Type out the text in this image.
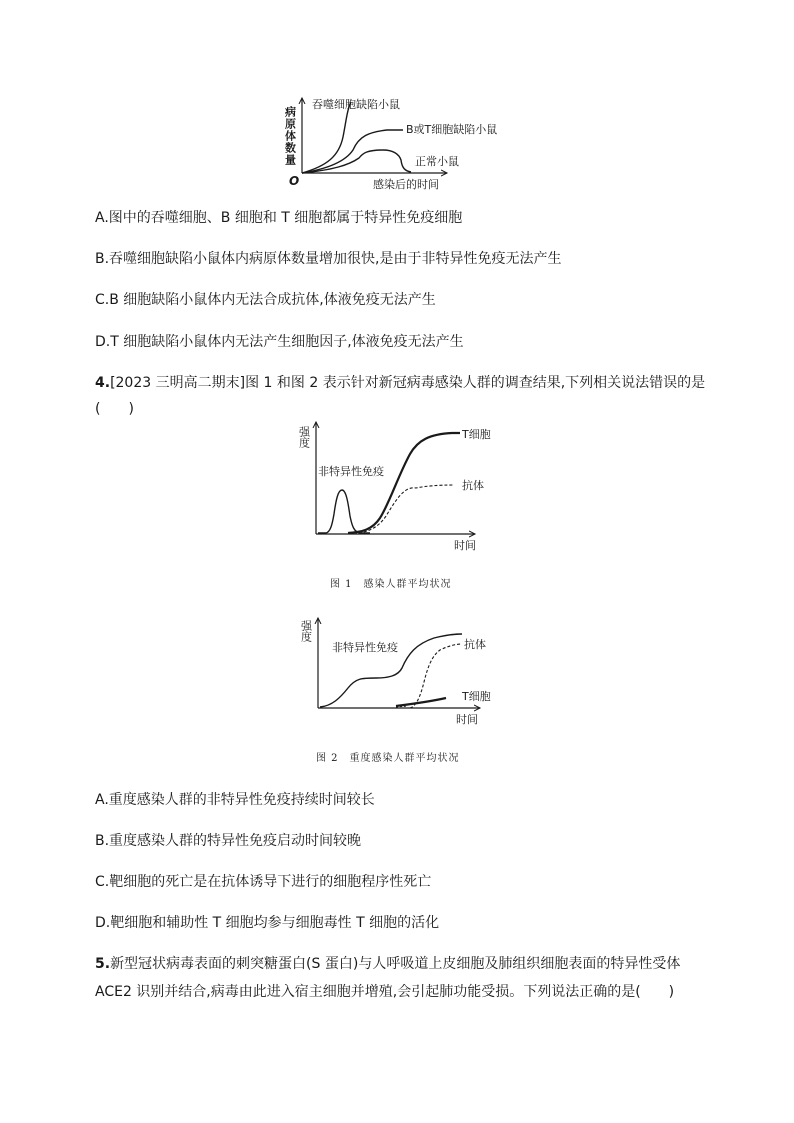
病原体数量
O	感染后的时间
吞噬细胞缺陷小鼠
B或T细胞缺陷小鼠
正常小鼠

A.图中的吞噬细胞、B 细胞和 T 细胞都属于特异性免疫细胞

B.吞噬细胞缺陷小鼠体内病原体数量增加很快,是由于非特异性免疫无法产生

C.B 细胞缺陷小鼠体内无法合成抗体,体液免疫无法产生

D.T 细胞缺陷小鼠体内无法产生细胞因子,体液免疫无法产生

4.[2023 三明高二期末]图 1 和图 2 表示针对新冠病毒感染人群的调查结果,下列相关说法错误的是

(　　)

强度
时间
非特异性免疫
T细胞
抗体

图 1　感染人群平均状况

强度
时间
非特异性免疫	抗体
T细胞

图 2　重度感染人群平均状况

A.重度感染人群的非特异性免疫持续时间较长

B.重度感染人群的特异性免疫启动时间较晚

C.靶细胞的死亡是在抗体诱导下进行的细胞程序性死亡

D.靶细胞和辅助性 T 细胞均参与细胞毒性 T 细胞的活化

5.新型冠状病毒表面的刺突糖蛋白(S 蛋白)与人呼吸道上皮细胞及肺组织细胞表面的特异性受体

ACE2 识别并结合,病毒由此进入宿主细胞并增殖,会引起肺功能受损。下列说法正确的是(　　)
